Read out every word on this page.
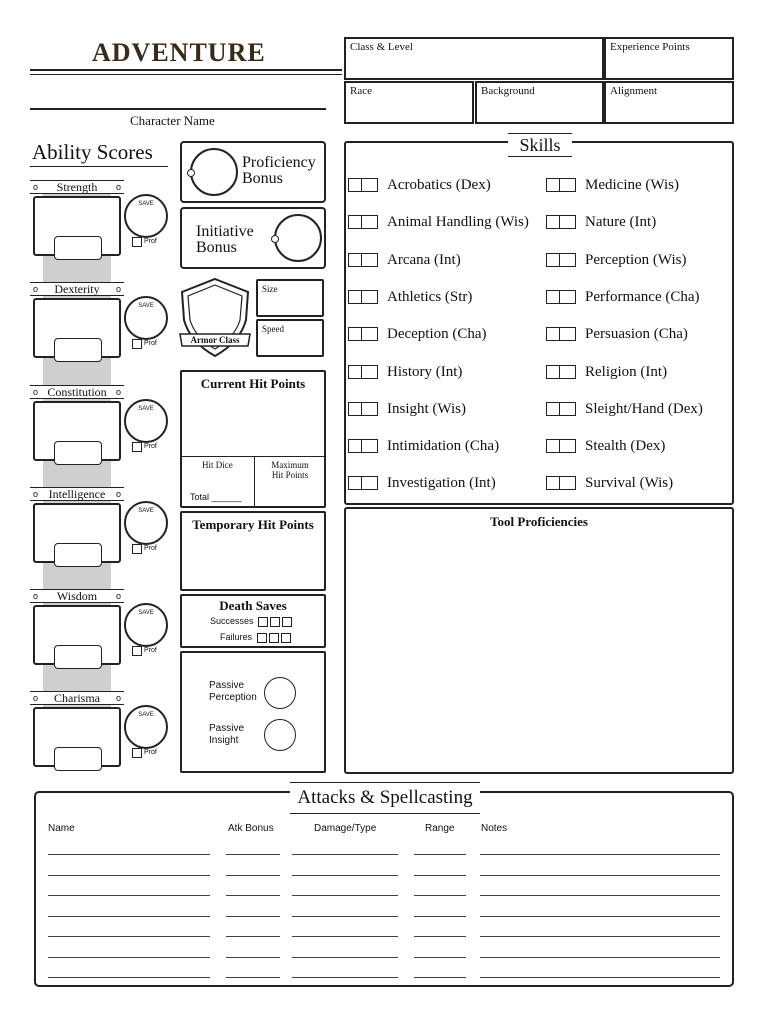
ADVENTURE
Character Name
Class & Level	Experience Points
Race	Background	Alignment
Ability Scores
o Strength o
SAVE
Prof
o Dexterity o
SAVE
Prof
o Constitution o
SAVE
Prof
o Intelligence o
SAVE
Prof
o Wisdom o
SAVE
Prof
o Charisma o
SAVE
Prof
Proficiency
Bonus
Initiative
Bonus
Armor Class
Size
Speed
Current Hit Points
Hit Dice	Maximum
Hit Points
Total ______
Temporary Hit Points
Death Saves
Successes
Failures
Passive
Perception
Passive
Insight
Skills
Acrobatics (Dex)
Animal Handling (Wis)
Arcana (Int)
Athletics (Str)
Deception (Cha)
History (Int)
Insight (Wis)
Intimidation (Cha)
Investigation (Int)
Medicine (Wis)
Nature (Int)
Perception (Wis)
Performance (Cha)
Persuasion (Cha)
Religion (Int)
Sleight/Hand (Dex)
Stealth (Dex)
Survival (Wis)
Tool Proficiencies
Attacks & Spellcasting
Name	Atk Bonus	Damage/Type	Range	Notes
